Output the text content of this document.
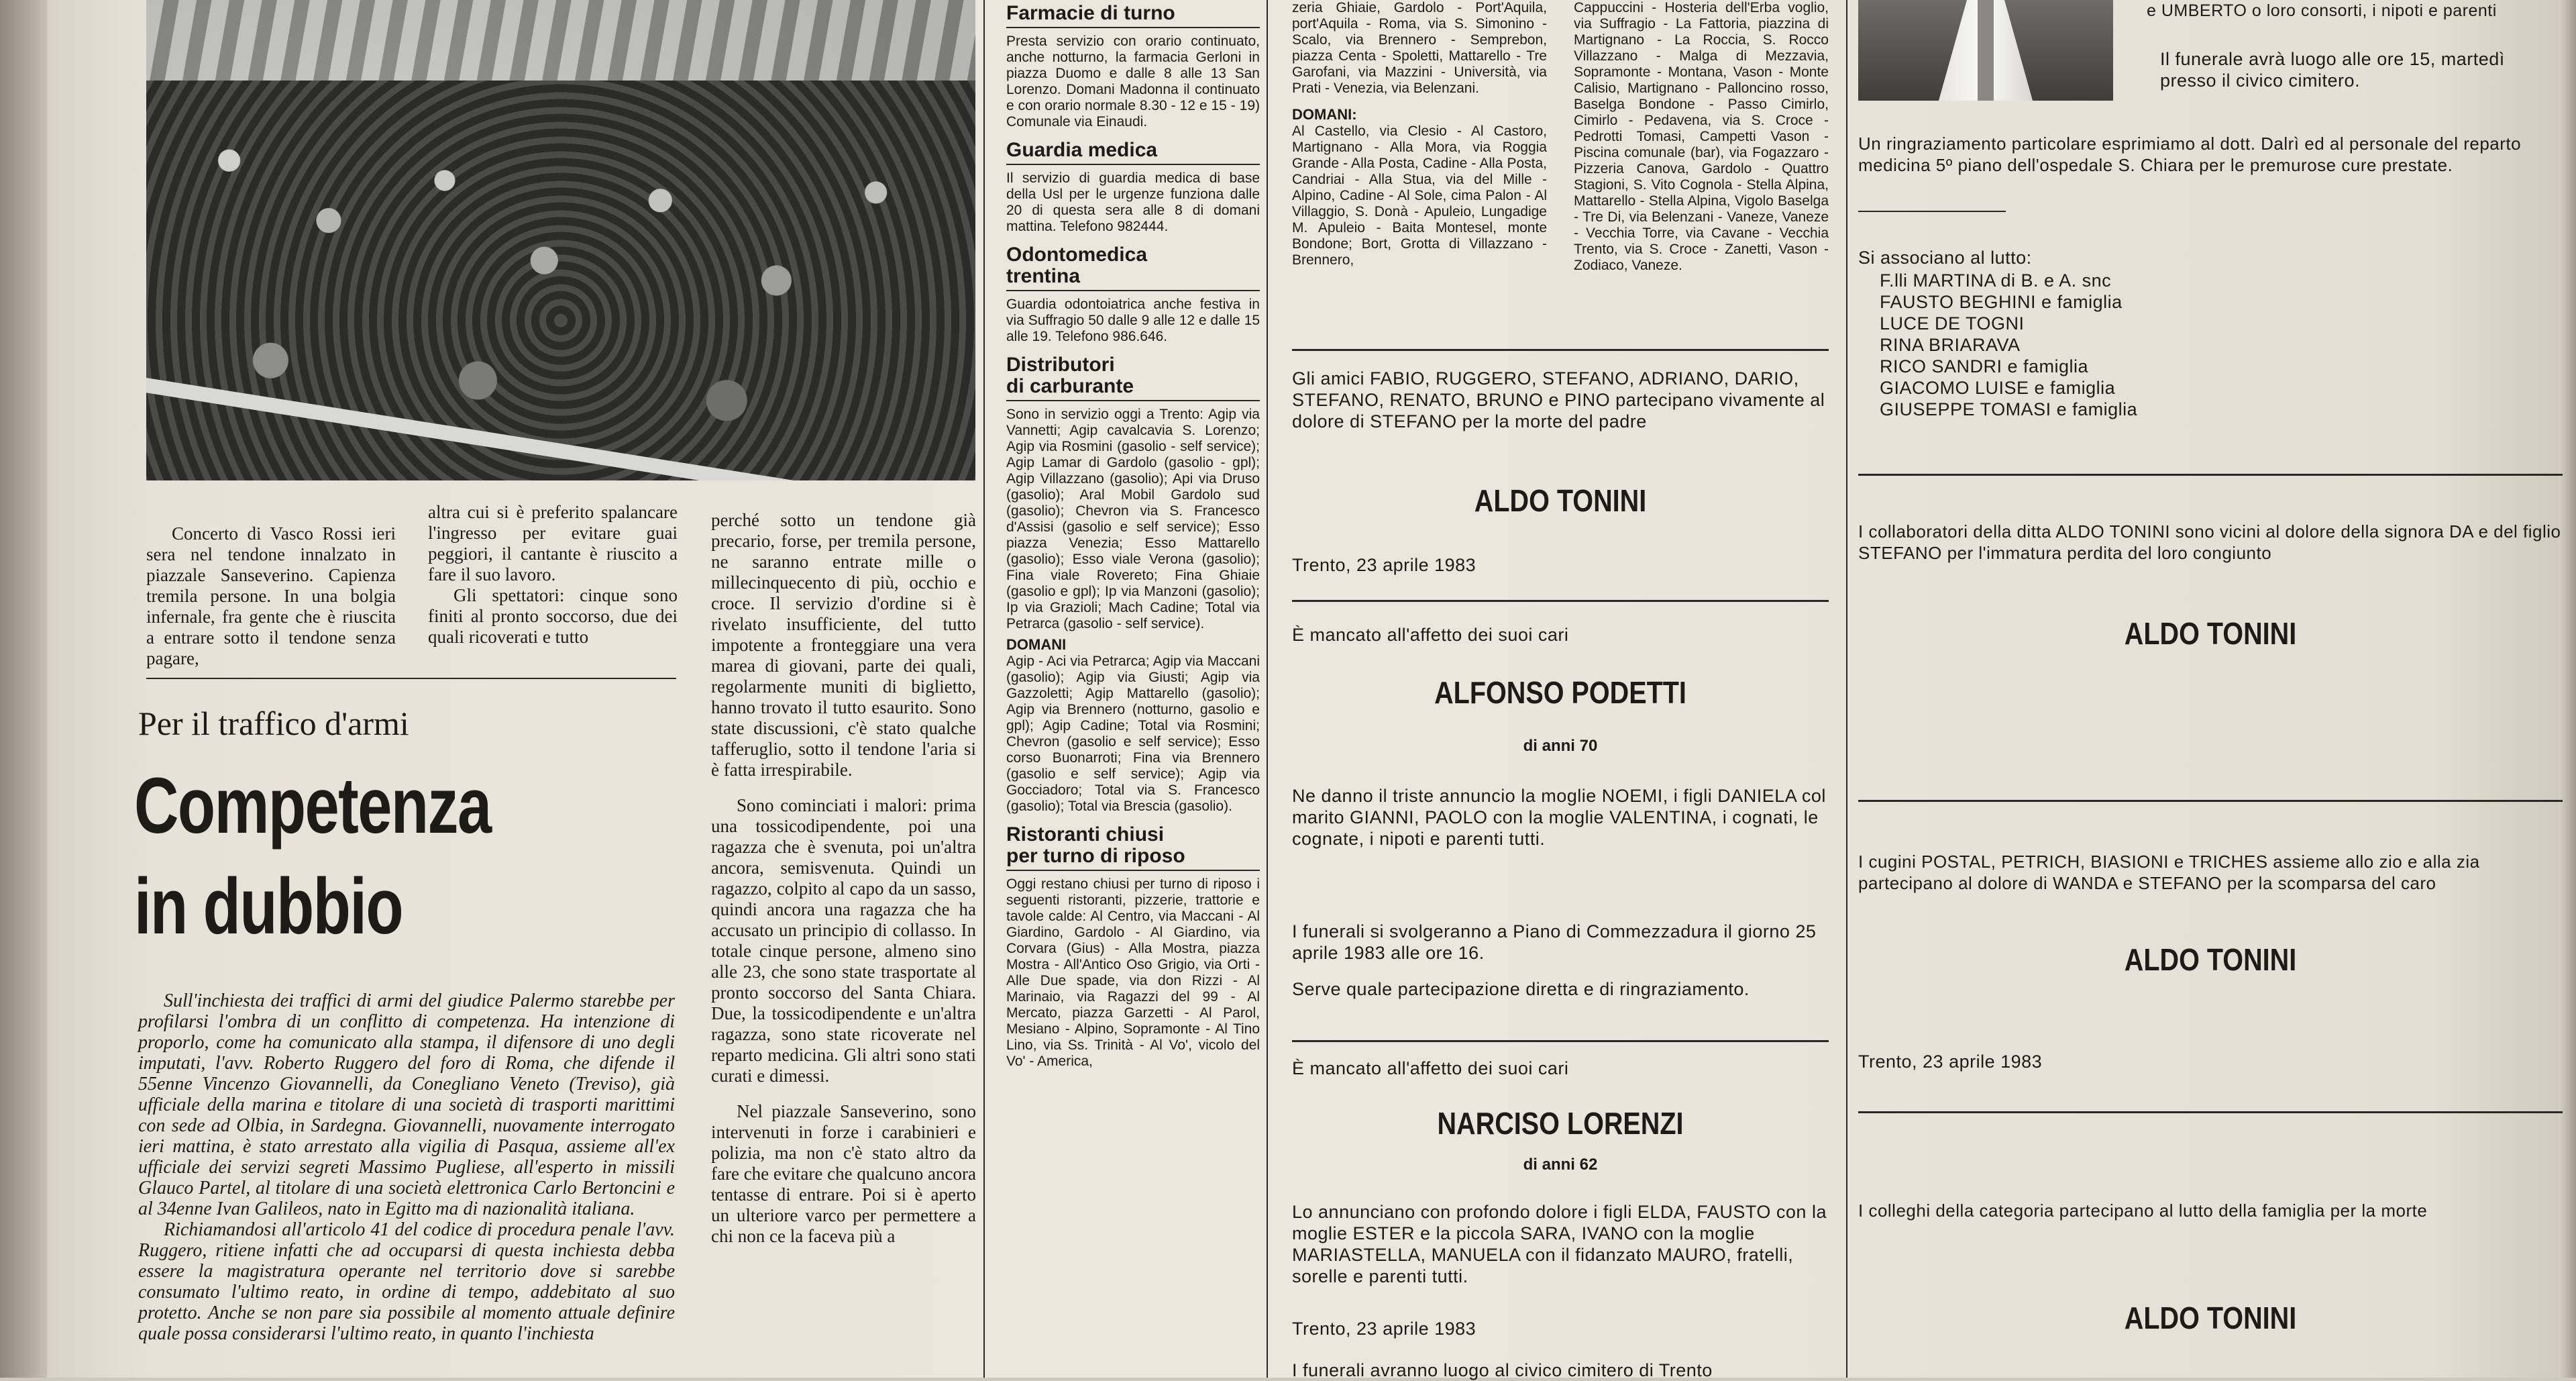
Concerto di Vasco Rossi ieri sera nel tendone innalzato in piazzale Sanseverino. Capienza tremila persone. In una bolgia infernale, fra gente che è riuscita a entrare sotto il tendone senza pagare,
altra cui si è preferito spalancare l'ingresso per evitare guai peggiori, il cantante è riuscito a fare il suo lavoro.
Gli spettatori: cinque sono finiti al pronto soccorso, due dei quali ricoverati e tutto
Per il traffico d'armi
Competenza
in dubbio
Sull'inchiesta dei traffici di armi del giudice Palermo starebbe per profilarsi l'ombra di un conflitto di competenza. Ha intenzione di proporlo, come ha comunicato alla stampa, il difensore di uno degli imputati, l'avv. Roberto Ruggero del foro di Roma, che difende il 55enne Vincenzo Giovannelli, da Conegliano Veneto (Treviso), già ufficiale della marina e titolare di una società di trasporti marittimi con sede ad Olbia, in Sardegna. Giovannelli, nuovamente interrogato ieri mattina, è stato arrestato alla vigilia di Pasqua, assieme all'ex ufficiale dei servizi segreti Massimo Pugliese, all'esperto in missili Glauco Partel, al titolare di una società elettronica Carlo Bertoncini e al 34enne Ivan Galileos, nato in Egitto ma di nazionalità italiana.
Richiamandosi all'articolo 41 del codice di procedura penale l'avv. Ruggero, ritiene infatti che ad occuparsi di questa inchiesta debba essere la magistratura operante nel territorio dove si sarebbe consumato l'ultimo reato, in ordine di tempo, addebitato al suo protetto. Anche se non pare sia possibile al momento attuale definire quale possa considerarsi l'ultimo reato, in quanto l'inchiesta
perché sotto un tendone già precario, forse, per tremila persone, ne saranno entrate mille o millecinquecento di più, occhio e croce. Il servizio d'ordine si è rivelato insufficiente, del tutto impotente a fronteggiare una vera marea di giovani, parte dei quali, regolarmente muniti di biglietto, hanno trovato il tutto esaurito. Sono state discussioni, c'è stato qualche tafferuglio, sotto il tendone l'aria si è fatta irrespirabile.
Sono cominciati i malori: prima una tossicodipendente, poi una ragazza che è svenuta, poi un'altra ancora, semisvenuta. Quindi un ragazzo, colpito al capo da un sasso, quindi ancora una ragazza che ha accusato un principio di collasso. In totale cinque persone, almeno sino alle 23, che sono state trasportate al pronto soccorso del Santa Chiara. Due, la tossicodipendente e un'altra ragazza, sono state ricoverate nel reparto medicina. Gli altri sono stati curati e dimessi.
Nel piazzale Sanseverino, sono intervenuti in forze i carabinieri e polizia, ma non c'è stato altro da fare che evitare che qualcuno ancora tentasse di entrare. Poi si è aperto un ulteriore varco per permettere a chi non ce la faceva più a
Farmacie di turno

Presta servizio con orario continuato, anche notturno, la farmacia Gerloni in piazza Duomo e dalle 8 alle 13 San Lorenzo. Domani Madonna il continuato e con orario normale 8.30 - 12 e 15 - 19) Comunale via Einaudi.

Guardia medica

Il servizio di guardia medica di base della Usl per le urgenze funziona dalle 20 di questa sera alle 8 di domani mattina. Telefono 982444.

Odontomedica
trentina

Guardia odontoiatrica anche festiva in via Suffragio 50 dalle 9 alle 12 e dalle 15 alle 19. Telefono 986.646.

Distributori
di carburante

Sono in servizio oggi a Trento: Agip via Vannetti; Agip cavalcavia S. Lorenzo; Agip via Rosmini (gasolio - self service); Agip Lamar di Gardolo (gasolio - gpl); Agip Villazzano (gasolio); Api via Druso (gasolio); Aral Mobil Gardolo sud (gasolio); Chevron via S. Francesco d'Assisi (gasolio e self service); Esso piazza Venezia; Esso Mattarello (gasolio); Esso viale Verona (gasolio); Fina viale Rovereto; Fina Ghiaie (gasolio e gpl); Ip via Manzoni (gasolio); Ip via Grazioli; Mach Cadine; Total via Petrarca (gasolio - self service).

DOMANI

Agip - Aci via Petrarca; Agip via Maccani (gasolio); Agip via Giusti; Agip via Gazzoletti; Agip Mattarello (gasolio); Agip via Brennero (notturno, gasolio e gpl); Agip Cadine; Total via Rosmini; Chevron (gasolio e self service); Esso corso Buonarroti; Fina via Brennero (gasolio e self service); Agip via Gocciadoro; Total via S. Francesco (gasolio); Total via Brescia (gasolio).

Ristoranti chiusi
per turno di riposo

Oggi restano chiusi per turno di riposo i seguenti ristoranti, pizzerie, trattorie e tavole calde: Al Centro, via Maccani - Al Giardino, Gardolo - Al Giardino, via Corvara (Gius) - Alla Mostra, piazza Mostra - All'Antico Oso Grigio, via Orti - Alle Due spade, via don Rizzi - Al Marinaio, via Ragazzi del 99 - Al Mercato, piazza Garzetti - Al Parol, Mesiano - Alpino, Sopramonte - Al Tino Lino, via Ss. Trinità - Al Vo', vicolo del Vo' - America,

zeria Ghiaie, Gardolo - Port'Aquila, port'Aquila - Roma, via S. Simonino - Scalo, via Brennero - Semprebon, piazza Centa - Spoletti, Mattarello - Tre Garofani, via Mazzini - Università, via Prati - Venezia, via Belenzani.
DOMANI:
Al Castello, via Clesio - Al Castoro, Martignano - Alla Mora, via Roggia Grande - Alla Posta, Cadine - Alla Posta, Candriai - Alla Stua, via del Mille - Alpino, Cadine - Al Sole, cima Palon - Al Villaggio, S. Donà - Apuleio, Lungadige M. Apuleio - Baita Montesel, monte Bondone; Bort, Grotta di Villazzano - Brennero,
Cappuccini - Hosteria dell'Erba voglio, via Suffragio - La Fattoria, piazzina di Martignano - La Roccia, S. Rocco Villazzano - Malga di Mezzavia, Sopramonte - Montana, Vason - Monte Calisio, Martignano - Palloncino rosso, Baselga Bondone - Passo Cimirlo, Cimirlo - Pedavena, via S. Croce - Pedrotti Tomasi, Campetti Vason - Piscina comunale (bar), via Fogazzaro - Pizzeria Canova, Gardolo - Quattro Stagioni, S. Vito Cognola - Stella Alpina, Mattarello - Stella Alpina, Vigolo Baselga - Tre Di, via Belenzani - Vaneze, Vaneze - Vecchia Torre, via Cavane - Vecchia Trento, via S. Croce - Zanetti, Vason - Zodiaco, Vaneze.
Gli amici FABIO, RUGGERO, STEFANO, ADRIANO, DARIO, STEFANO, RENATO, BRUNO e PINO partecipano vivamente al dolore di STEFANO per la morte del padre
ALDO TONINI
Trento, 23 aprile 1983
È mancato all'affetto dei suoi cari
ALFONSO PODETTI
di anni 70
Ne danno il triste annuncio la moglie NOEMI, i figli DANIELA col marito GIANNI, PAOLO con la moglie VALENTINA, i cognati, le cognate, i nipoti e parenti tutti.
I funerali si svolgeranno a Piano di Commezzadura il giorno 25 aprile 1983 alle ore 16.
Serve quale partecipazione diretta e di ringraziamento.
È mancato all'affetto dei suoi cari
NARCISO LORENZI
di anni 62
Lo annunciano con profondo dolore i figli ELDA, FAUSTO con la moglie ESTER e la piccola SARA, IVANO con la moglie MARIASTELLA, MANUELA con il fidanzato MAURO, fratelli, sorelle e parenti tutti.
Trento, 23 aprile 1983
I funerali avranno luogo al civico cimitero di Trento
e UMBERTO o loro consorti, i nipoti e parenti
Il funerale avrà luogo alle ore 15, martedì presso il civico cimitero.
Un ringraziamento particolare esprimiamo al dott. Dalrì ed al personale del reparto medicina 5º piano dell'ospedale S. Chiara per le premurose cure prestate.
Si associano al lutto:
F.lli MARTINA di B. e A. snc
FAUSTO BEGHINI e famiglia
LUCE DE TOGNI
RINA BRIARAVA
RICO SANDRI e famiglia
GIACOMO LUISE e famiglia
GIUSEPPE TOMASI e famiglia
I collaboratori della ditta ALDO TONINI sono vicini al dolore della signora DA e del figlio STEFANO per l'immatura perdita del loro congiunto
ALDO TONINI
I cugini POSTAL, PETRICH, BIASIONI e TRICHES assieme allo zio e alla zia partecipano al dolore di WANDA e STEFANO per la scomparsa del caro
ALDO TONINI
Trento, 23 aprile 1983
I colleghi della categoria partecipano al lutto della famiglia per la morte
ALDO TONINI
